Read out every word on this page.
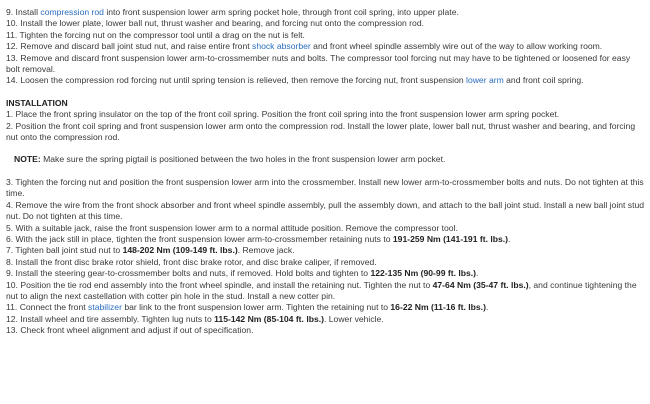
9. Install compression rod into front suspension lower arm spring pocket hole, through front coil spring, into upper plate.

10. Install the lower plate, lower ball nut, thrust washer and bearing, and forcing nut onto the compression rod.

11. Tighten the forcing nut on the compressor tool until a drag on the nut is felt.

12. Remove and discard ball joint stud nut, and raise entire front shock absorber and front wheel spindle assembly wire out of the way to allow working room.

13. Remove and discard front suspension lower arm-to-crossmember nuts and bolts. The compressor tool forcing nut may have to be tightened or loosened for easy bolt removal.

14. Loosen the compression rod forcing nut until spring tension is relieved, then remove the forcing nut, front suspension lower arm and front coil spring.

INSTALLATION

1. Place the front spring insulator on the top of the front coil spring. Position the front coil spring into the front suspension lower arm spring pocket.

2. Position the front coil spring and front suspension lower arm onto the compression rod. Install the lower plate, lower ball nut, thrust washer and bearing, and forcing nut onto the compression rod.

NOTE: Make sure the spring pigtail is positioned between the two holes in the front suspension lower arm pocket.

3. Tighten the forcing nut and position the front suspension lower arm into the crossmember. Install new lower arm-to-crossmember bolts and nuts. Do not tighten at this time.

4. Remove the wire from the front shock absorber and front wheel spindle assembly, pull the assembly down, and attach to the ball joint stud. Install a new ball joint stud nut. Do not tighten at this time.

5. With a suitable jack, raise the front suspension lower arm to a normal attitude position. Remove the compressor tool.

6. With the jack still in place, tighten the front suspension lower arm-to-crossmember retaining nuts to 191-259 Nm (141-191 ft. lbs.).

7. Tighten ball joint stud nut to 148-202 Nm (109-149 ft. lbs.). Remove jack.

8. Install the front disc brake rotor shield, front disc brake rotor, and disc brake caliper, if removed.

9. Install the steering gear-to-crossmember bolts and nuts, if removed. Hold bolts and tighten to 122-135 Nm (90-99 ft. lbs.).

10. Position the tie rod end assembly into the front wheel spindle, and install the retaining nut. Tighten the nut to 47-64 Nm (35-47 ft. lbs.), and continue tightening the nut to align the next castellation with cotter pin hole in the stud. Install a new cotter pin.

11. Connect the front stabilizer bar link to the front suspension lower arm. Tighten the retaining nut to 16-22 Nm (11-16 ft. lbs.).

12. Install wheel and tire assembly. Tighten lug nuts to 115-142 Nm (85-104 ft. lbs.). Lower vehicle.

13. Check front wheel alignment and adjust if out of specification.
